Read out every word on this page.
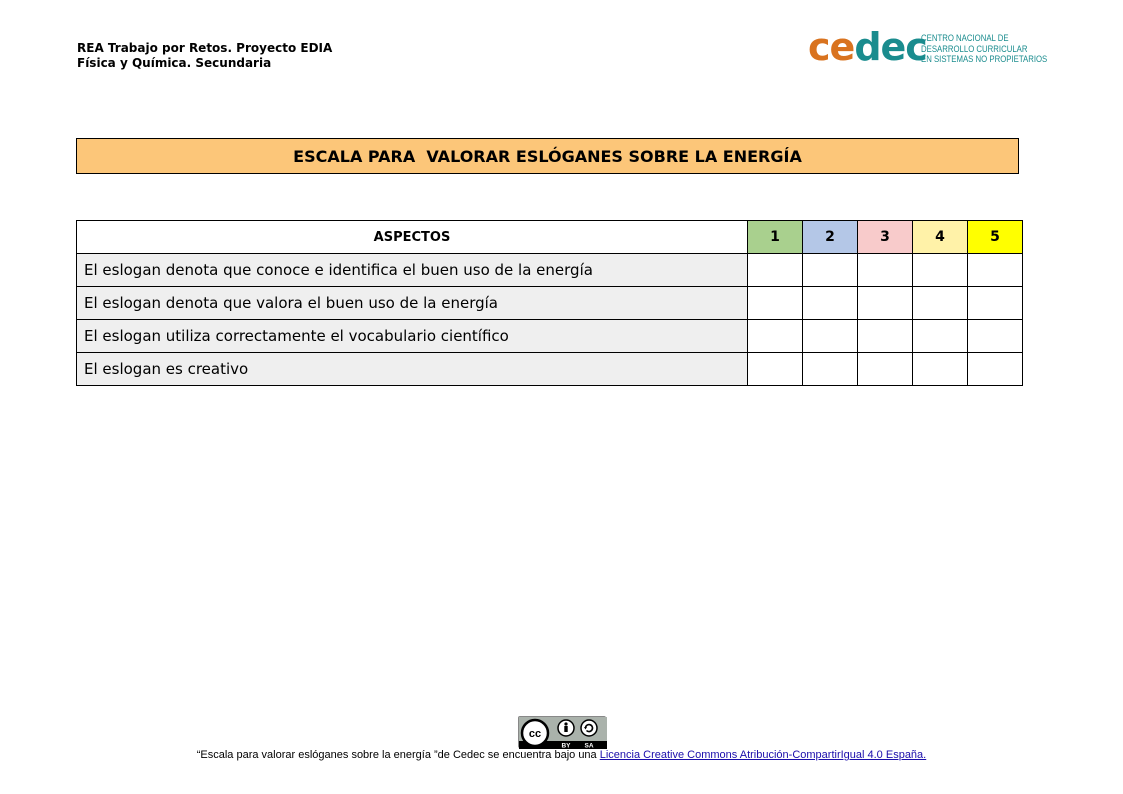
REA Trabajo por Retos. Proyecto EDIA
Física y Química. Secundaria	cedec
CENTRO NACIONAL DE
DESARROLLO CURRICULAR
EN SISTEMAS NO PROPIETARIOS
ESCALA PARA  VALORAR ESLÓGANES SOBRE LA ENERGÍA
ASPECTOS	1	2	3	4	5
El eslogan denota que conoce e identifica el buen uso de la energía					
El eslogan denota que valora el buen uso de la energía					
El eslogan utiliza correctamente el vocabulario científico					
El eslogan es creativo					
cc
BY SA
“Escala para valorar eslóganes sobre la energía ”de Cedec se encuentra bajo una Licencia Creative Commons Atribución-CompartirIgual 4.0 España.
